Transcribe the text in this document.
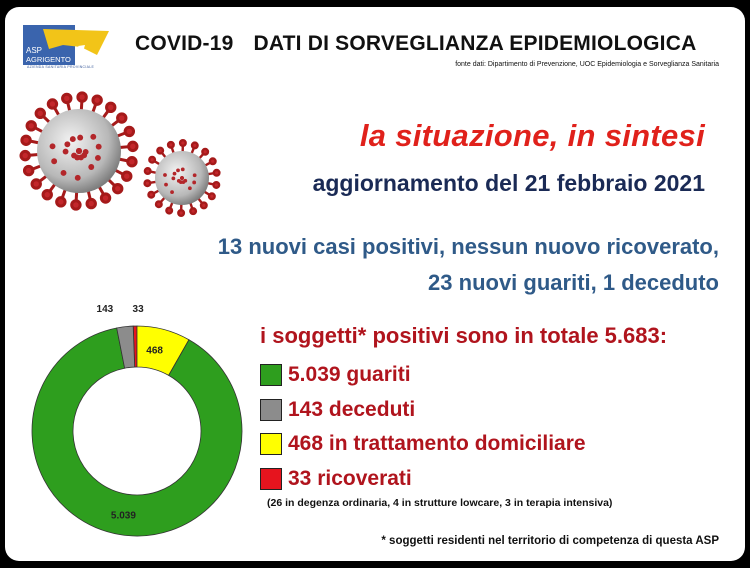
ASP
AGRIGENTO
AZIENDA SANITARIA PROVINCIALE
COVID-19 DATI DI SORVEGLIANZA EPIDEMIOLOGICA
fonte dati: Dipartimento di Prevenzione, UOC Epidemiologia e Sorveglianza Sanitaria
la situazione, in sintesi
aggiornamento del 21 febbraio 2021
13 nuovi casi positivi, nessun nuovo ricoverato,
23 nuovi guariti, 1 deceduto
5.039
468
143 33
i soggetti* positivi sono in totale 5.683:
5.039 guariti
143 deceduti
468 in trattamento domiciliare
33 ricoverati
(26 in degenza ordinaria, 4 in strutture lowcare, 3 in terapia intensiva)
* soggetti residenti nel territorio di competenza di questa ASP
